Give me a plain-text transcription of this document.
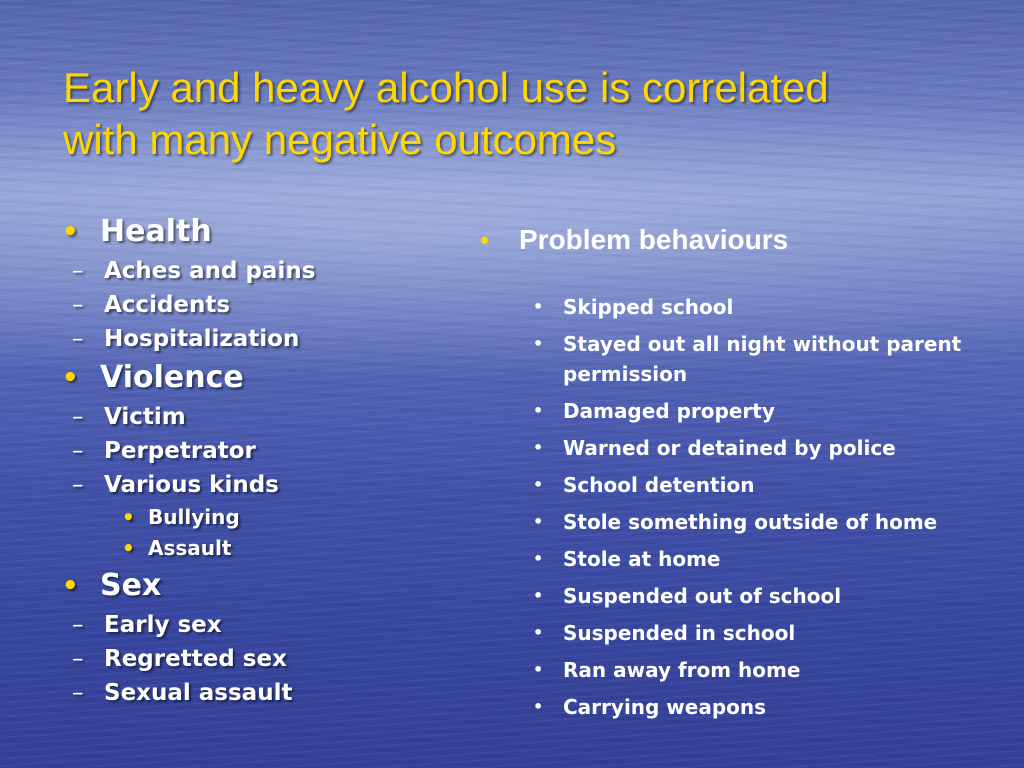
Early and heavy alcohol use is correlated
with many negative outcomes
• Health
– Aches and pains
– Accidents
– Hospitalization
• Violence
– Victim
– Perpetrator
– Various kinds
• Bullying
• Assault
• Sex
– Early sex
– Regretted sex
– Sexual assault
• Problem behaviours
• Skipped school
• Stayed out all night without parent permission
• Damaged property
• Warned or detained by police
• School detention
• Stole something outside of home
• Stole at home
• Suspended out of school
• Suspended in school
• Ran away from home
• Carrying weapons
